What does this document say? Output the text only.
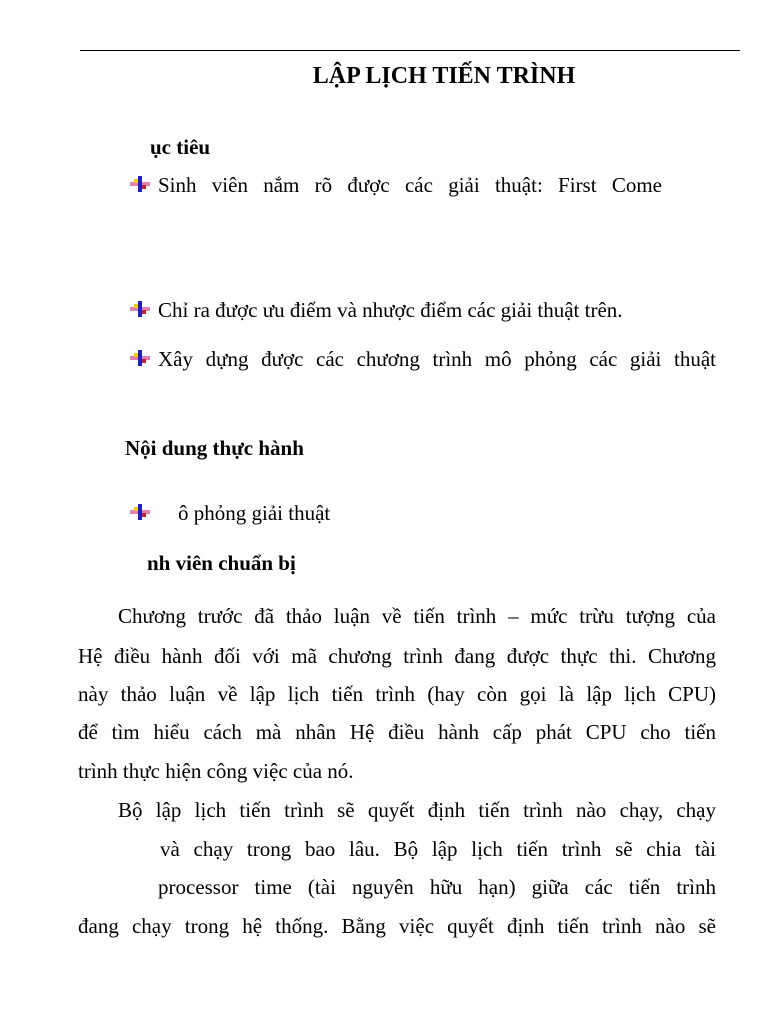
LẬP LỊCH TIẾN TRÌNH
ục tiêu
Sinh viên nắm rõ được các giải thuật: First Come
Chỉ ra được ưu điểm và nhược điểm các giải thuật trên.
Xây dựng được các chương trình mô phỏng các giải thuật
Nội dung thực hành
ô phỏng giải thuật
nh viên chuẩn bị
Chương trước đã thảo luận về tiến trình – mức trừu tượng của
Hệ điều hành đối với mã chương trình đang được thực thi. Chương
này thảo luận về lập lịch tiến trình (hay còn gọi là lập lịch CPU)
để tìm hiểu cách mà nhân Hệ điều hành cấp phát CPU cho tiến
trình thực hiện công việc của nó.
Bộ lập lịch tiến trình sẽ quyết định tiến trình nào chạy, chạy
và chạy trong bao lâu. Bộ lập lịch tiến trình sẽ chia tài
processor time (tài nguyên hữu hạn) giữa các tiến trình
đang chạy trong hệ thống. Bằng việc quyết định tiến trình nào sẽ
